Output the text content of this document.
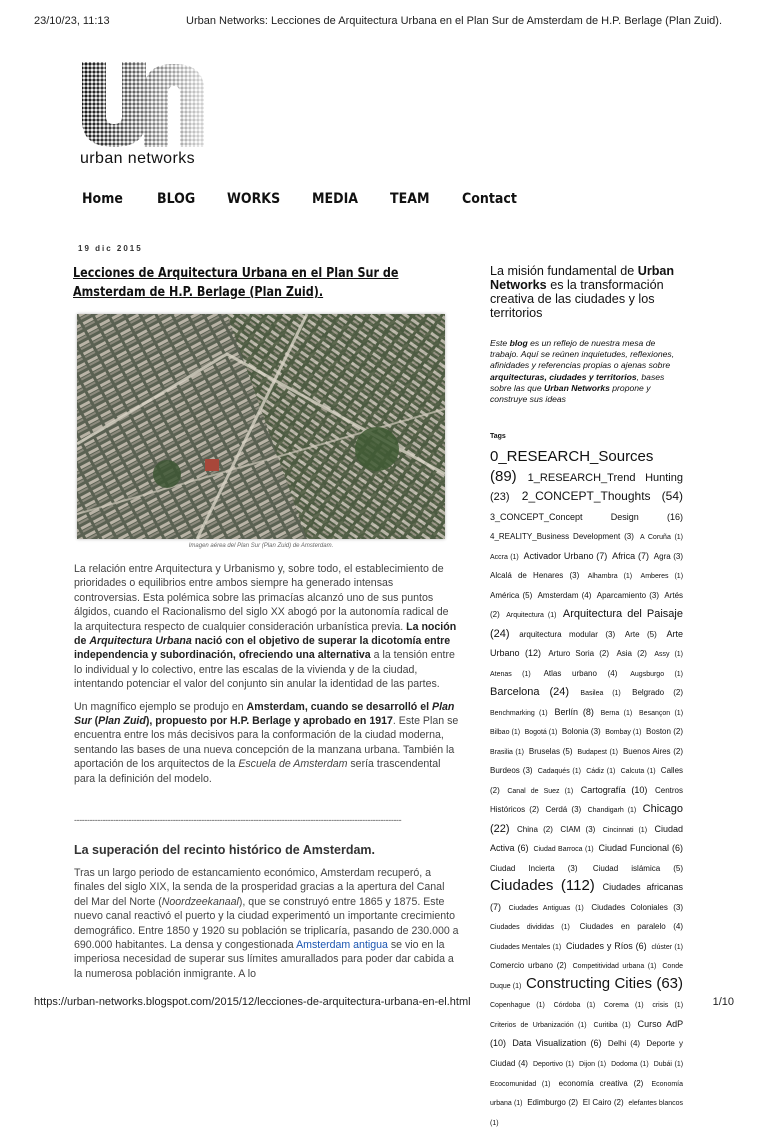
23/10/23, 11:13	Urban Networks: Lecciones de Arquitectura Urbana en el Plan Sur de Amsterdam de H.P. Berlage (Plan Zuid).
urban networks
Home BLOG WORKS MEDIA TEAM Contact
19 dic 2015
Lecciones de Arquitectura Urbana en el Plan Sur de Amsterdam de H.P. Berlage (Plan Zuid).
Imagen aérea del Plan Sur (Plan Zuid) de Amsterdam.

La relación entre Arquitectura y Urbanismo y, sobre todo, el establecimiento de prioridades o equilibrios entre ambos siempre ha generado intensas controversias. Esta polémica sobre las primacías alcanzó uno de sus puntos álgidos, cuando el Racionalismo del siglo XX abogó por la autonomía radical de la arquitectura respecto de cualquier consideración urbanística previa. La noción de Arquitectura Urbana nació con el objetivo de superar la dicotomía entre independencia y subordinación, ofreciendo una alternativa a la tensión entre lo individual y lo colectivo, entre las escalas de la vivienda y de la ciudad, intentando potenciar el valor del conjunto sin anular la identidad de las partes.

Un magnífico ejemplo se produjo en Amsterdam, cuando se desarrolló el Plan Sur (Plan Zuid), propuesto por H.P. Berlage y aprobado en 1917. Este Plan se encuentra entre los más decisivos para la conformación de la ciudad moderna, sentando las bases de una nueva concepción de la manzana urbana. También la aportación de los arquitectos de la Escuela de Amsterdam sería trascendental para la definición del modelo.

------------------------------------------------------------------------------------------------------------------------------
La superación del recinto histórico de Amsterdam.

Tras un largo periodo de estancamiento económico, Amsterdam recuperó, a finales del siglo XIX, la senda de la prosperidad gracias a la apertura del Canal del Mar del Norte (Noordzeekanaal), que se construyó entre 1865 y 1875. Este nuevo canal reactivó el puerto y la ciudad experimentó un importante crecimiento demográfico. Entre 1850 y 1920 su población se triplicaría, pasando de 230.000 a 690.000 habitantes. La densa y congestionada Amsterdam antigua se vio en la imperiosa necesidad de superar sus límites amurallados para poder dar cabida a la numerosa población inmigrante. A lo

La misión fundamental de Urban Networks es la transformación creativa de las ciudades y los territorios
Este blog es un reflejo de nuestra mesa de trabajo. Aquí se reúnen inquietudes, reflexiones, afinidades y referencias propias o ajenas sobre arquitecturas, ciudades y territorios, bases sobre las que Urban Networks propone y construye sus ideas
Tags
0_RESEARCH_Sources (89) 1_RESEARCH_Trend Hunting (23) 2_CONCEPT_Thoughts (54) 3_CONCEPT_Concept Design (16) 4_REALITY_Business Development (3) A Coruña (1) Accra (1) Activador Urbano (7) Africa (7) Agra (3) Alcalá de Henares (3) Alhambra (1) Amberes (1) América (5) Amsterdam (4) Aparcamiento (3) Artés (2) Arquitectura (1) Arquitectura del Paisaje (24) arquitectura modular (3) Arte (5) Arte Urbano (12) Arturo Soria (2) Asia (2) Assy (1) Atenas (1) Atlas urbano (4) Augsburgo (1) Barcelona (24) Basilea (1) Belgrado (2) Benchmarking (1) Berlín (8) Berna (1) Besançon (1) Bilbao (1) Bogotá (1) Bolonia (3) Bombay (1) Boston (2) Brasilia (1) Bruselas (5) Budapest (1) Buenos Aires (2) Burdeos (3) Cadaqués (1) Cádiz (1) Calcuta (1) Calles (2) Canal de Suez (1) Cartografía (10) Centros Históricos (2) Cerdá (3) Chandigarh (1) Chicago (22) China (2) CIAM (3) Cincinnati (1) Ciudad Activa (6) Ciudad Barroca (1) Ciudad Funcional (6) Ciudad Incierta (3) Ciudad islámica (5) Ciudades (112) Ciudades africanas (7) Ciudades Antiguas (1) Ciudades Coloniales (3) Ciudades divididas (1) Ciudades en paralelo (4) Ciudades Mentales (1) Ciudades y Ríos (6) clúster (1) Comercio urbano (2) Competitividad urbana (1) Conde Duque (1) Constructing Cities (63) Copenhague (1) Córdoba (1) Corema (1) crisis (1) Criterios de Urbanización (1) Curitiba (1) Curso AdP (10) Data Visualization (6) Delhi (4) Deporte y Ciudad (4) Deportivo (1) Dijon (1) Dodoma (1) Dubái (1) Ecocomunidad (1) economía creativa (2) Economía urbana (1) Edimburgo (2) El Cairo (2) elefantes blancos (1)
https://urban-networks.blogspot.com/2015/12/lecciones-de-arquitectura-urbana-en-el.html	1/10
